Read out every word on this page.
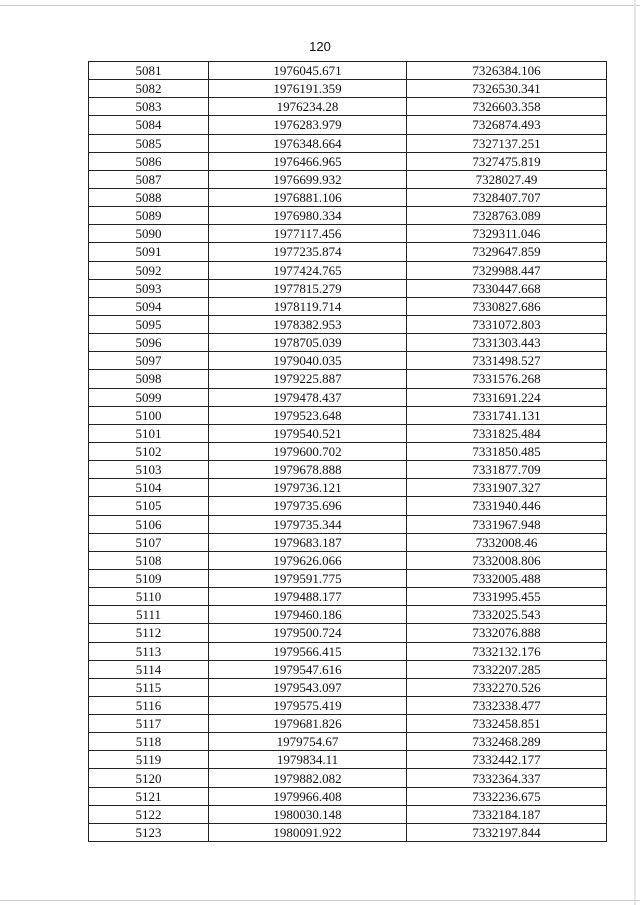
120
5081	1976045.671	7326384.106
5082	1976191.359	7326530.341
5083	1976234.28	7326603.358
5084	1976283.979	7326874.493
5085	1976348.664	7327137.251
5086	1976466.965	7327475.819
5087	1976699.932	7328027.49
5088	1976881.106	7328407.707
5089	1976980.334	7328763.089
5090	1977117.456	7329311.046
5091	1977235.874	7329647.859
5092	1977424.765	7329988.447
5093	1977815.279	7330447.668
5094	1978119.714	7330827.686
5095	1978382.953	7331072.803
5096	1978705.039	7331303.443
5097	1979040.035	7331498.527
5098	1979225.887	7331576.268
5099	1979478.437	7331691.224
5100	1979523.648	7331741.131
5101	1979540.521	7331825.484
5102	1979600.702	7331850.485
5103	1979678.888	7331877.709
5104	1979736.121	7331907.327
5105	1979735.696	7331940.446
5106	1979735.344	7331967.948
5107	1979683.187	7332008.46
5108	1979626.066	7332008.806
5109	1979591.775	7332005.488
5110	1979488.177	7331995.455
5111	1979460.186	7332025.543
5112	1979500.724	7332076.888
5113	1979566.415	7332132.176
5114	1979547.616	7332207.285
5115	1979543.097	7332270.526
5116	1979575.419	7332338.477
5117	1979681.826	7332458.851
5118	1979754.67	7332468.289
5119	1979834.11	7332442.177
5120	1979882.082	7332364.337
5121	1979966.408	7332236.675
5122	1980030.148	7332184.187
5123	1980091.922	7332197.844
